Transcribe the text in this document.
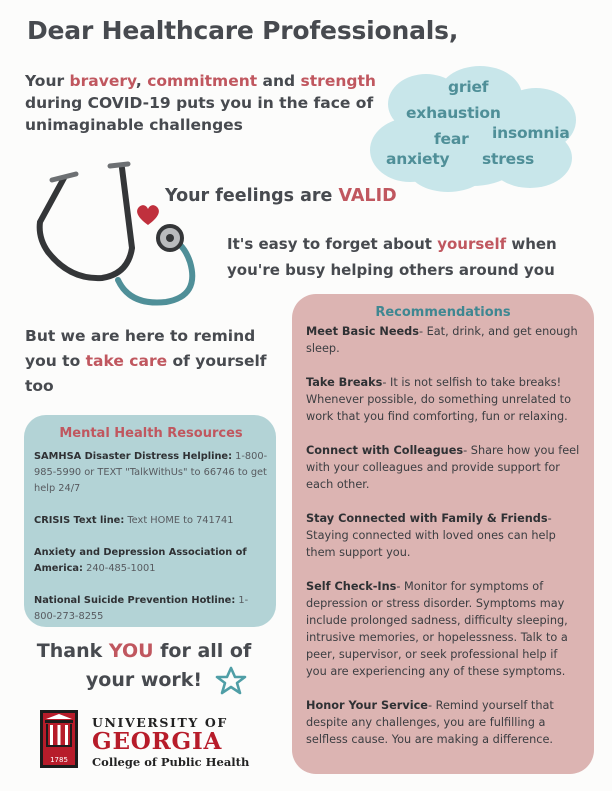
Dear Healthcare Professionals,
Your bravery, commitment and strength during COVID-19 puts you in the face of unimaginable challenges
grief
exhaustion
fear insomnia
anxiety stress
Your feelings are VALID
It's easy to forget about yourself when you're busy helping others around you
But we are here to remind you to take care of yourself too
Recommendations
Meet Basic Needs- Eat, drink, and get enough sleep.
Take Breaks- It is not selfish to take breaks! Whenever possible, do something unrelated to work that you find comforting, fun or relaxing.
Connect with Colleagues- Share how you feel with your colleagues and provide support for each other.
Stay Connected with Family & Friends- Staying connected with loved ones can help them support you.
Self Check-Ins- Monitor for symptoms of depression or stress disorder. Symptoms may include prolonged sadness, difficulty sleeping, intrusive memories, or hopelessness. Talk to a peer, supervisor, or seek professional help if you are experiencing any of these symptoms.
Honor Your Service- Remind yourself that despite any challenges, you are fulfilling a selfless cause. You are making a difference.
Mental Health Resources
SAMHSA Disaster Distress Helpline: 1-800-985-5990 or TEXT "TalkWithUs" to 66746 to get help 24/7
CRISIS Text line: Text HOME to 741741
Anxiety and Depression Association of America: 240-485-1001
National Suicide Prevention Hotline: 1-800-273-8255
Thank YOU for all of your work!
1785
UNIVERSITY OF
GEORGIA
College of Public Health
